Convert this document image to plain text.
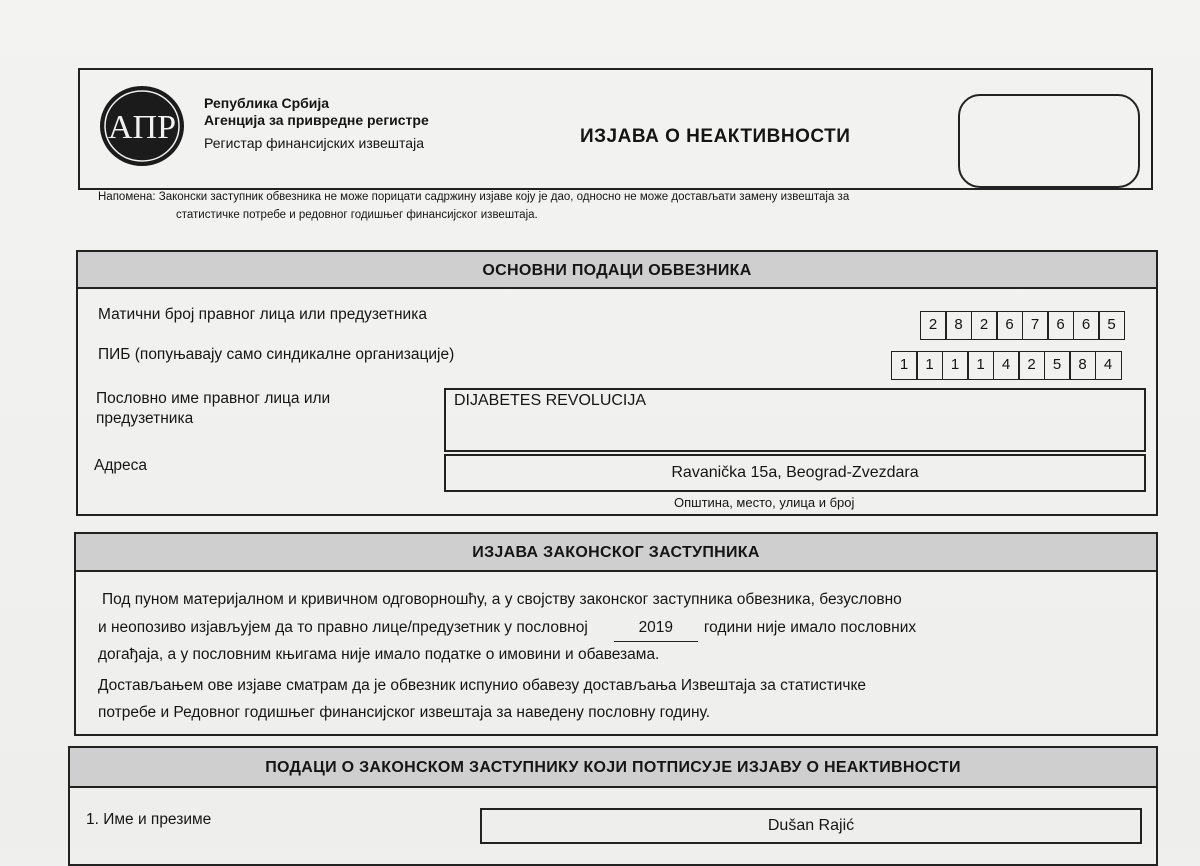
АПР
Република Србија
Агенција за привредне регистре
Регистар финансијских извештаја	ИЗЈАВА О НЕАКТИВНОСТИ
Напомена: Законски заступник обвезника не може порицати садржину изјаве коју је дао, односно не може достављати замену извештаја за
статистичке потребе и редовног годишњег финансијског извештаја.
ОСНОВНИ ПОДАЦИ ОБВЕЗНИКА
Матични број правног лица или предузетника
2	8	2	6	7	6	6	5
ПИБ (попуњавају само синдикалне организације)
1	1	1	1	4	2	5	8	4
Пословно име правног лица или
предузетника
DIJABETES REVOLUCIJA
Адреса	Ravanička 15a, Beograd-Zvezdara
Општина, место, улица и број
ИЗЈАВА ЗАКОНСКОГ ЗАСТУПНИКА
Под пуном материјалном и кривичном одговорношћу, а у својству законског заступника обвезника, безусловно
и неопозиво изјављујем да то правно лице/предузетник у пословној	2019 години није имало пословних
догађаја, а у пословним књигама није имало податке о имовини и обавезама.
Достављањем ове изјаве сматрам да је обвезник испунио обавезу достављања Извештаја за статистичке
потребе и Редовног годишњег финансијског извештаја за наведену пословну годину.
ПОДАЦИ О ЗАКОНСКОМ ЗАСТУПНИКУ КОЈИ ПОТПИСУЈЕ ИЗЈАВУ О НЕАКТИВНОСТИ
1. Име и презиме	Dušan Rajić
